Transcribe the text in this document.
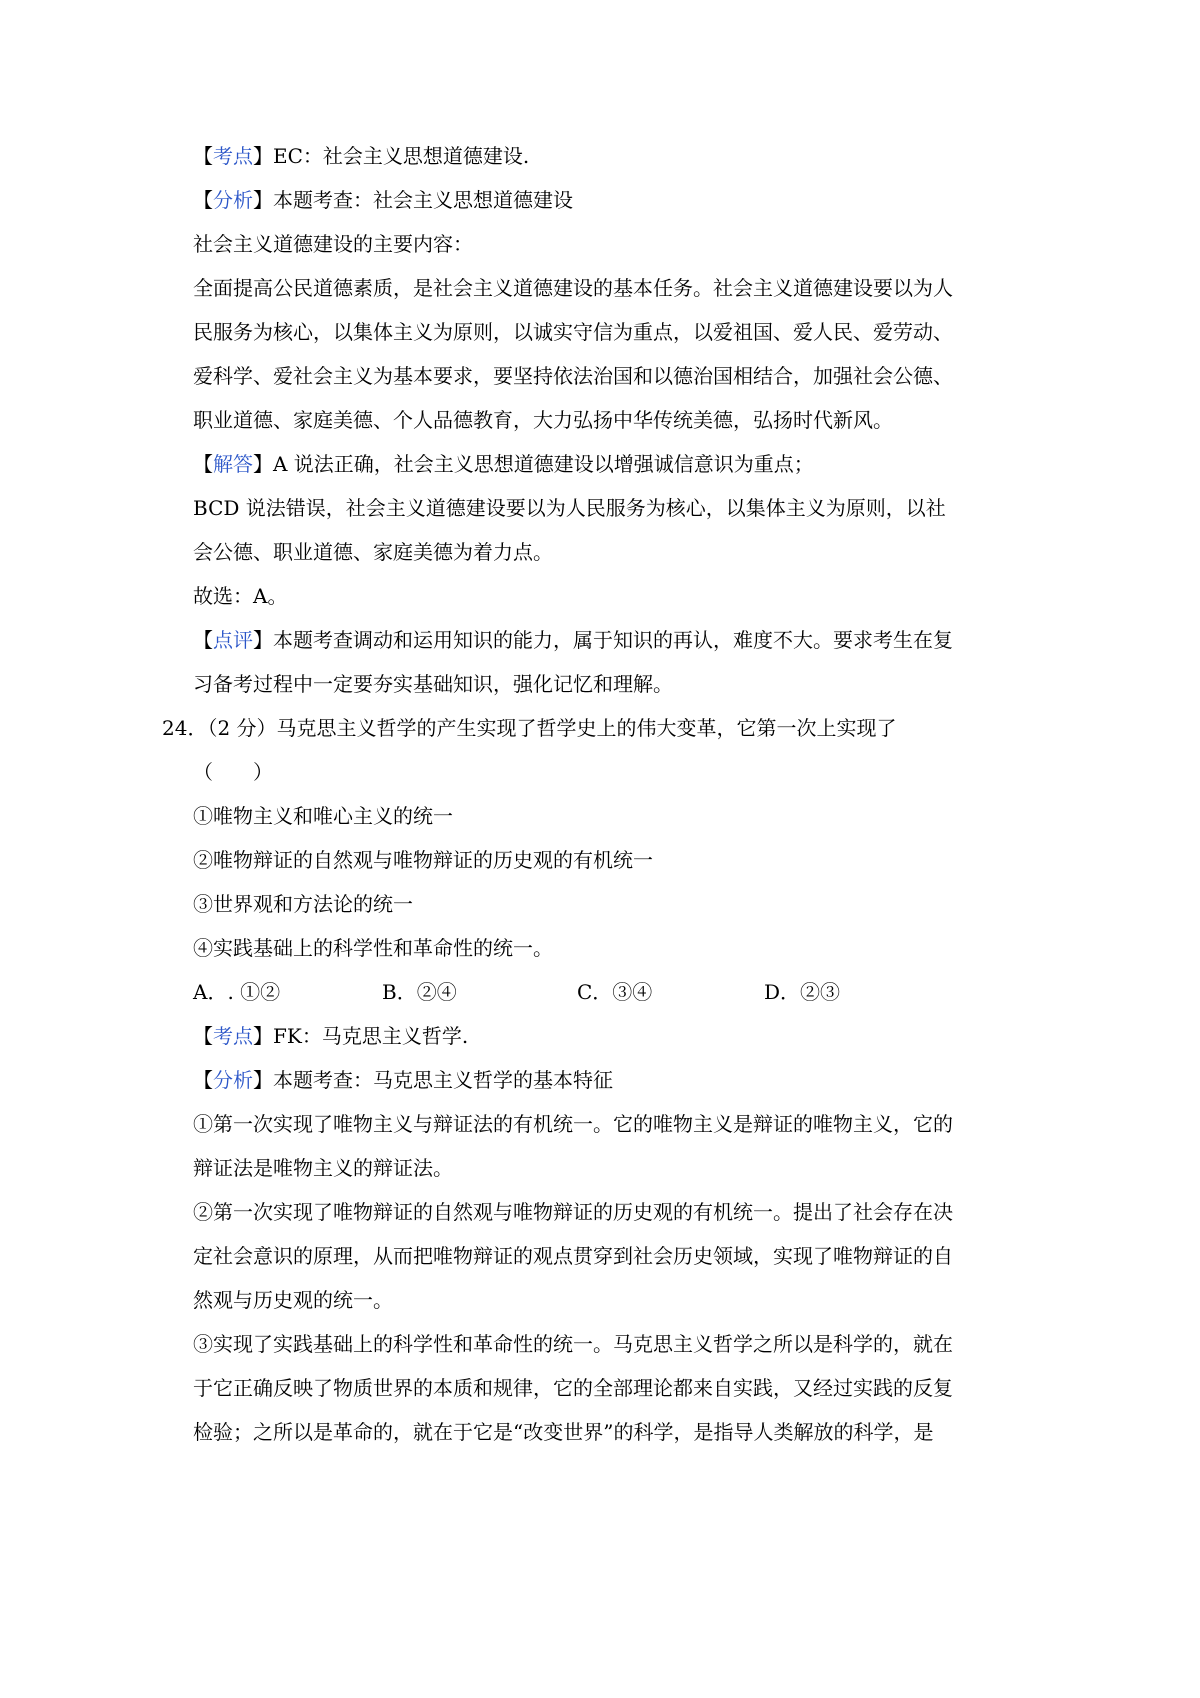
【考点】EC：社会主义思想道德建设.
【分析】本题考查：社会主义思想道德建设
社会主义道德建设的主要内容：
全面提高公民道德素质，是社会主义道德建设的基本任务。社会主义道德建设要以为人
民服务为核心，以集体主义为原则，以诚实守信为重点，以爱祖国、爱人民、爱劳动、
爱科学、爱社会主义为基本要求，要坚持依法治国和以德治国相结合，加强社会公德、
职业道德、家庭美德、个人品德教育，大力弘扬中华传统美德，弘扬时代新风。
【解答】A 说法正确，社会主义思想道德建设以增强诚信意识为重点；
BCD 说法错误，社会主义道德建设要以为人民服务为核心，以集体主义为原则，以社
会公德、职业道德、家庭美德为着力点。
故选：A。
【点评】本题考查调动和运用知识的能力，属于知识的再认，难度不大。要求考生在复
习备考过程中一定要夯实基础知识，强化记忆和理解。
24．（2 分）马克思主义哲学的产生实现了哲学史上的伟大变革，它第一次上实现了
（　　）
①唯物主义和唯心主义的统一
②唯物辩证的自然观与唯物辩证的历史观的有机统一
③世界观和方法论的统一
④实践基础上的科学性和革命性的统一。
A．. ①②	B．②④	C．③④	D．②③
【考点】FK：马克思主义哲学.
【分析】本题考查：马克思主义哲学的基本特征
①第一次实现了唯物主义与辩证法的有机统一。它的唯物主义是辩证的唯物主义，它的
辩证法是唯物主义的辩证法。
②第一次实现了唯物辩证的自然观与唯物辩证的历史观的有机统一。提出了社会存在决
定社会意识的原理，从而把唯物辩证的观点贯穿到社会历史领域，实现了唯物辩证的自
然观与历史观的统一。
③实现了实践基础上的科学性和革命性的统一。马克思主义哲学之所以是科学的，就在
于它正确反映了物质世界的本质和规律，它的全部理论都来自实践，又经过实践的反复
检验；之所以是革命的，就在于它是“改变世界”的科学，是指导人类解放的科学，是
